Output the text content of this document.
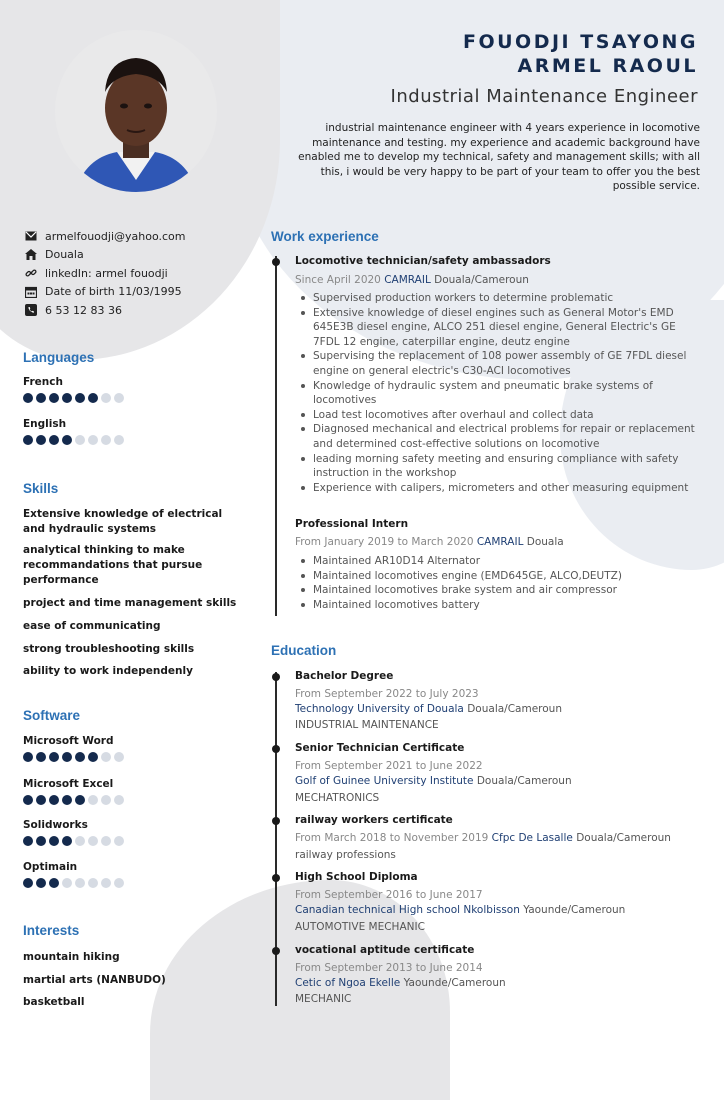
FOUODJI TSAYONG
ARMEL RAOUL
Industrial Maintenance Engineer
industrial maintenance engineer with 4 years experience in locomotive maintenance and testing. my experience and academic background have enabled me to develop my technical, safety and management skills; with all this, i would be very happy to be part of your team to offer you the best possible service.
armelfouodji@yahoo.com
Douala
linkedIn: armel fouodji
Date of birth 11/03/1995
6 53 12 83 36
Languages
French
English
Skills
Extensive knowledge of electrical and hydraulic systems
analytical thinking to make recommandations that pursue performance
project and time management skills
ease of communicating
strong troubleshooting skills
ability to work independenly
Software
Microsoft Word
Microsoft Excel
Solidworks
Optimain
Interests
mountain hiking
martial arts (NANBUDO)
basketball
Work experience
Locomotive technician/safety ambassadors
Since April 2020 CAMRAIL Douala/Cameroun
Supervised production workers to determine problematic
Extensive knowledge of diesel engines such as General Motor's EMD 645E3B diesel engine, ALCO 251 diesel engine, General Electric's GE 7FDL 12 engine, caterpillar engine, deutz engine
Supervising the replacement of 108 power assembly of GE 7FDL diesel engine on general electric's C30-ACI locomotives
Knowledge of hydraulic system and pneumatic brake systems of locomotives
Load test locomotives after overhaul and collect data
Diagnosed mechanical and electrical problems for repair or replacement and determined cost-effective solutions on locomotive
leading morning safety meeting and ensuring compliance with safety instruction in the workshop
Experience with calipers, micrometers and other measuring equipment
Professional Intern
From January 2019 to March 2020 CAMRAIL Douala
Maintained AR10D14 Alternator
Maintained locomotives engine (EMD645GE, ALCO,DEUTZ)
Maintained locomotives brake system and air compressor
Maintained locomotives battery
Education
Bachelor Degree
From September 2022 to July 2023
Technology University of Douala Douala/Cameroun
INDUSTRIAL MAINTENANCE
Senior Technician Certificate
From September 2021 to June 2022
Golf of Guinee University Institute Douala/Cameroun
MECHATRONICS
railway workers certificate
From March 2018 to November 2019 Cfpc De Lasalle Douala/Cameroun
railway professions
High School Diploma
From September 2016 to June 2017
Canadian technical High school Nkolbisson Yaounde/Cameroun
AUTOMOTIVE MECHANIC
vocational aptitude certificate
From September 2013 to June 2014
Cetic of Ngoa Ekelle Yaounde/Cameroun
MECHANIC
